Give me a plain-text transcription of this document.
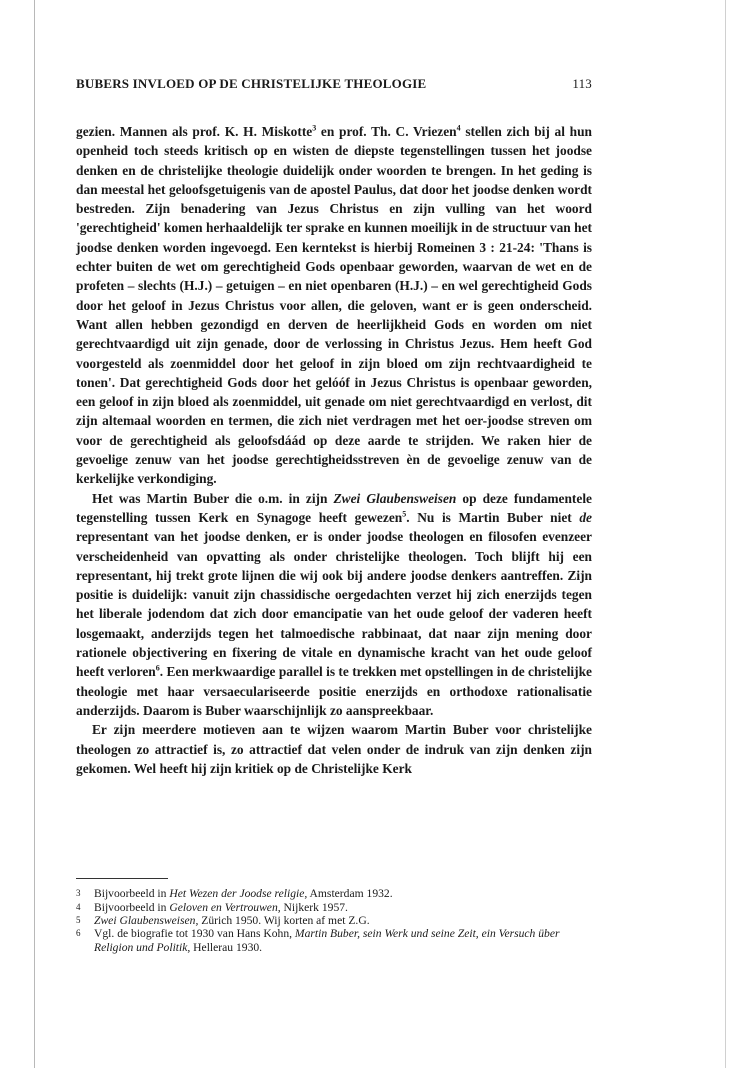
BUBERS INVLOED OP DE CHRISTELIJKE THEOLOGIE	113

gezien. Mannen als prof. K. H. Miskotte$^3$ en prof. Th. C. Vriezen$^4$ stellen zich bij al hun openheid toch steeds kritisch op en wisten de diepste tegenstellingen tussen het joodse denken en de christelijke theologie duidelijk onder woorden te brengen. In het geding is dan meestal het geloofsgetuigenis van de apostel Paulus, dat door het joodse denken wordt bestreden. Zijn benadering van Jezus Christus en zijn vulling van het woord 'gerechtigheid' komen herhaaldelijk ter sprake en kunnen moeilijk in de structuur van het joodse denken worden ingevoegd. Een kerntekst is hierbij Romeinen 3 : 21-24: 'Thans is echter buiten de wet om gerechtigheid Gods openbaar geworden, waarvan de wet en de profeten – slechts (H.J.) – getuigen – en niet openbaren (H.J.) – en wel gerechtigheid Gods door het geloof in Jezus Christus voor allen, die geloven, want er is geen onderscheid. Want allen hebben gezondigd en derven de heerlijkheid Gods en worden om niet gerechtvaardigd uit zijn genade, door de verlossing in Christus Jezus. Hem heeft God voorgesteld als zoenmiddel door het geloof in zijn bloed om zijn rechtvaardigheid te tonen'. Dat gerechtigheid Gods door het gelóóf in Jezus Christus is openbaar geworden, een geloof in zijn bloed als zoenmiddel, uit genade om niet gerechtvaardigd en verlost, dit zijn altemaal woorden en termen, die zich niet verdragen met het oer-joodse streven om voor de gerechtigheid als geloofsdáád op deze aarde te strijden. We raken hier de gevoelige zenuw van het joodse gerechtigheidsstreven èn de gevoelige zenuw van de kerkelijke verkondiging.

Het was Martin Buber die o.m. in zijn Zwei Glaubensweisen op deze fundamentele tegenstelling tussen Kerk en Synagoge heeft gewezen$^5$. Nu is Martin Buber niet de representant van het joodse denken, er is onder joodse theologen en filosofen evenzeer verscheidenheid van opvatting als onder christelijke theologen. Toch blijft hij een representant, hij trekt grote lijnen die wij ook bij andere joodse denkers aantreffen. Zijn positie is duidelijk: vanuit zijn chassidische oergedachten verzet hij zich enerzijds tegen het liberale jodendom dat zich door emancipatie van het oude geloof der vaderen heeft losgemaakt, anderzijds tegen het talmoedische rabbinaat, dat naar zijn mening door rationele objectivering en fixering de vitale en dynamische kracht van het oude geloof heeft verloren$^6$. Een merkwaardige parallel is te trekken met opstellingen in de christelijke theologie met haar versaeculariseerde positie enerzijds en orthodoxe rationalisatie anderzijds. Daarom is Buber waarschijnlijk zo aanspreekbaar.

Er zijn meerdere motieven aan te wijzen waarom Martin Buber voor christelijke theologen zo attractief is, zo attractief dat velen onder de indruk van zijn denken zijn gekomen. Wel heeft hij zijn kritiek op de Christelijke Kerk

3	Bijvoorbeeld in Het Wezen der Joodse religie, Amsterdam 1932.
4	Bijvoorbeeld in Geloven en Vertrouwen, Nijkerk 1957.
5	Zwei Glaubensweisen, Zürich 1950. Wij korten af met Z.G.
6	Vgl. de biografie tot 1930 van Hans Kohn, Martin Buber, sein Werk und seine Zeit, ein Versuch über Religion und Politik, Hellerau 1930.
